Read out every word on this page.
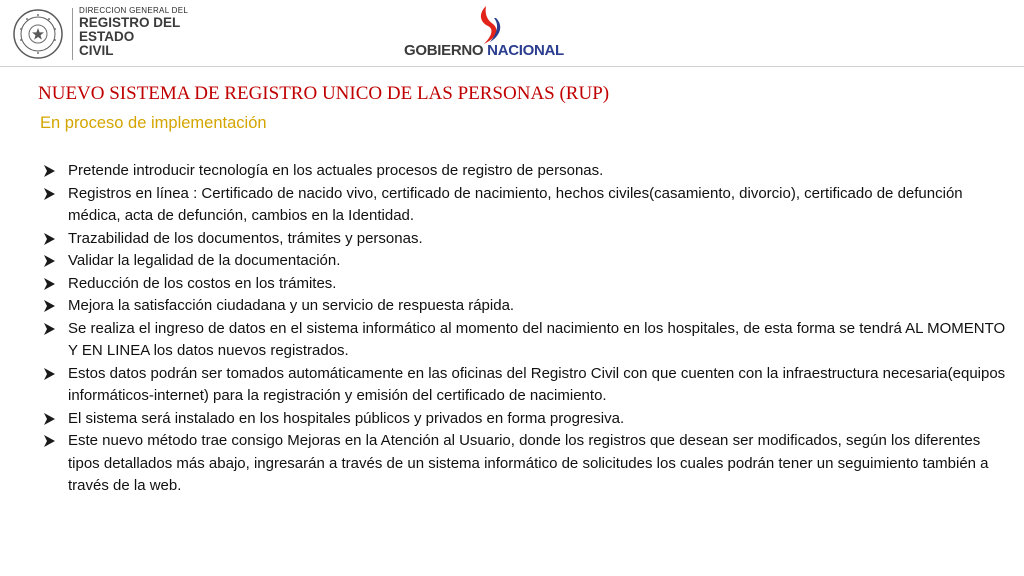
DIRECCION GENERAL DEL
REGISTRO DEL
ESTADO
CIVIL	GOBIERNO NACIONAL
NUEVO SISTEMA DE REGISTRO UNICO DE LAS PERSONAS (RUP)
En proceso de implementación
Pretende introducir tecnología en los actuales procesos de registro de personas.
Registros en línea : Certificado de nacido vivo, certificado de nacimiento, hechos civiles(casamiento, divorcio), certificado de defunción médica, acta de defunción, cambios en la Identidad.
Trazabilidad de los documentos, trámites y personas.
Validar la legalidad de la documentación.
Reducción de los costos en los trámites.
Mejora la satisfacción ciudadana y un servicio de respuesta rápida.
Se realiza el ingreso de datos en el sistema informático al momento del nacimiento en los hospitales, de esta forma se tendrá AL MOMENTO Y EN LINEA los datos nuevos registrados.
Estos datos podrán ser tomados automáticamente en las oficinas del Registro Civil con que cuenten con la infraestructura necesaria(equipos informáticos-internet) para la registración y emisión del certificado de nacimiento.
El sistema será instalado en los hospitales públicos y privados en forma progresiva.
Este nuevo método trae consigo Mejoras en la Atención al Usuario, donde los registros que desean ser modificados, según los diferentes tipos detallados más abajo, ingresarán a través de un sistema informático de solicitudes los cuales podrán tener un seguimiento también a través de la web.
